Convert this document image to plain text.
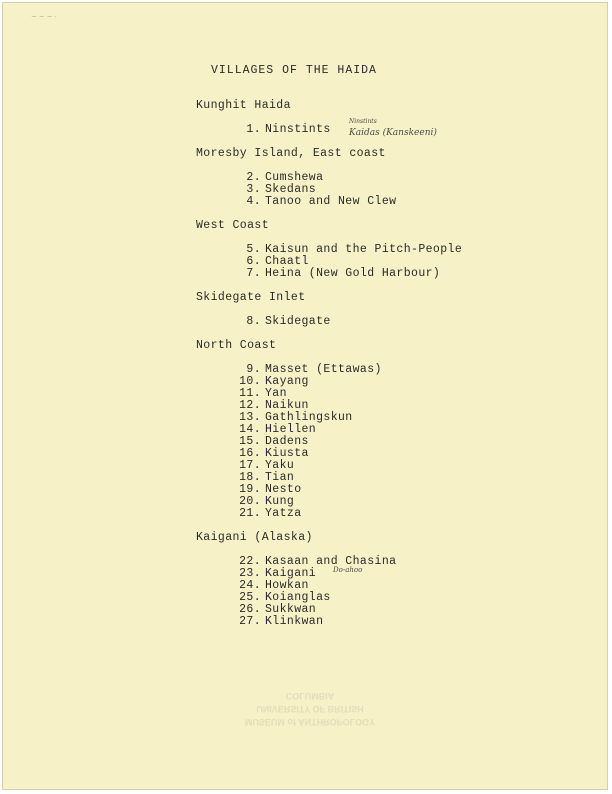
~~~·
VILLAGES OF THE HAIDA
Kunghit Haida
1. Ninstints
Ninstints
Kaidas (Kanskeeni)
Moresby Island, East coast
2. Cumshewa
3. Skedans
4. Tanoo and New Clew
West Coast
5. Kaisun and the Pitch-People
6. Chaatl
7. Heina (New Gold Harbour)
Skidegate Inlet
8. Skidegate
North Coast
9. Masset (Ettawas)
10. Kayang
11. Yan
12. Naikun
13. Gathlingskun
14. Hiellen
15. Dadens
16. Kiusta
17. Yaku
18. Tian
19. Nesto
20. Kung
21. Yatza
Kaigani (Alaska)
22. Kasaan and Chasina
23. Kaigani Do-ahoo
24. Howkan
25. Koianglas
26. Sukkwan
27. Klinkwan
MUSEUM of ANTHROPOLOGY
UNIVERSITY OF BRITISH
COLUMBIA
